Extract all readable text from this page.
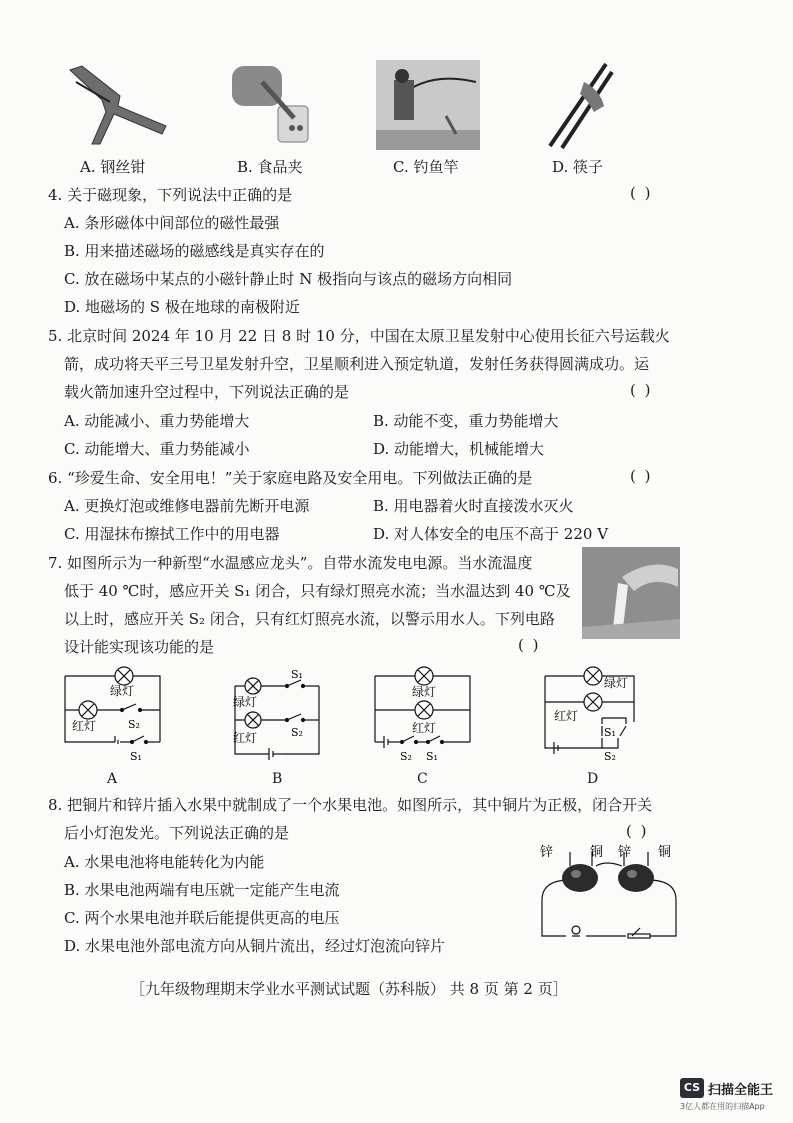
A. 钢丝钳	B. 食品夹	C. 钓鱼竿	D. 筷子
4. 关于磁现象，下列说法中正确的是	( )
A. 条形磁体中间部位的磁性最强
B. 用来描述磁场的磁感线是真实存在的
C. 放在磁场中某点的小磁针静止时 N 极指向与该点的磁场方向相同
D. 地磁场的 S 极在地球的南极附近
5. 北京时间 2024 年 10 月 22 日 8 时 10 分，中国在太原卫星发射中心使用长征六号运载火
箭，成功将天平三号卫星发射升空，卫星顺利进入预定轨道，发射任务获得圆满成功。运
载火箭加速升空过程中，下列说法正确的是	( )
A. 动能减小、重力势能增大	B. 动能不变，重力势能增大
C. 动能增大、重力势能减小	D. 动能增大，机械能增大
6. “珍爱生命、安全用电！”关于家庭电路及安全用电。下列做法正确的是	( )
A. 更换灯泡或维修电器前先断开电源	B. 用电器着火时直接泼水灭火
C. 用湿抹布擦拭工作中的用电器	D. 对人体安全的电压不高于 220 V
7. 如图所示为一种新型“水温感应龙头”。自带水流发电电源。当水流温度
低于 40 ℃时，感应开关 S₁ 闭合，只有绿灯照亮水流；当水温达到 40 ℃及
以上时，感应开关 S₂ 闭合，只有红灯照亮水流，以警示用水人。下列电路
设计能实现该功能的是	( )
绿灯
红灯	S₂
S₁
A
绿灯
S₁
红灯	S₂
B
绿灯
红灯
S₂ S₁
C
绿灯
红灯
S₁
S₂
D
8. 把铜片和锌片插入水果中就制成了一个水果电池。如图所示，其中铜片为正极，闭合开关
后小灯泡发光。下列说法正确的是	( )
A. 水果电池将电能转化为内能
B. 水果电池两端有电压就一定能产生电流
C. 两个水果电池并联后能提供更高的电压
D. 水果电池外部电流方向从铜片流出，经过灯泡流向锌片
锌	铜 锌 铜
［九年级物理期末学业水平测试试题（苏科版） 共 8 页 第 2 页］
CS 扫描全能王
3亿人都在用的扫描App
